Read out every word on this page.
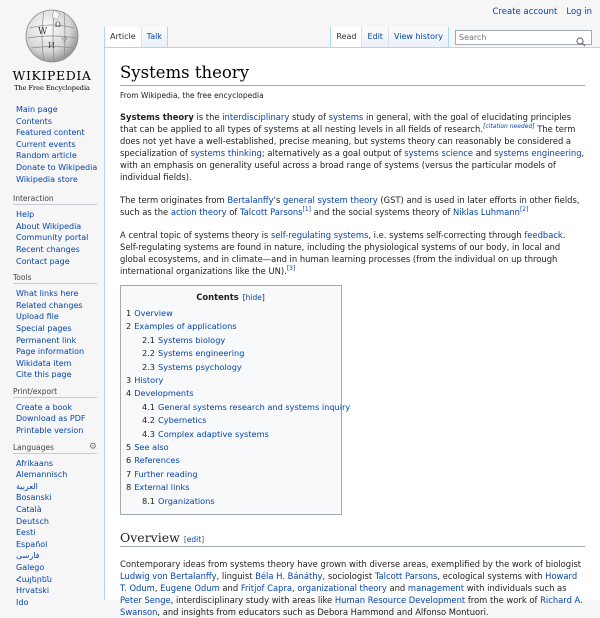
Create account Log in
W
Ω
И
ウ
WIKIPEDIA
The Free Encyclopedia
Article	Talk	Read	Edit	View history
Search
Main page
Contents
Featured content
Current events
Random article
Donate to Wikipedia
Wikipedia store
Interaction
Help
About Wikipedia
Community portal
Recent changes
Contact page
Tools
What links here
Related changes
Upload file
Special pages
Permanent link
Page information
Wikidata item
Cite this page
Print/export
Create a book
Download as PDF
Printable version
Languages	⚙
Afrikaans
Alemannisch
العربية
Bosanski
Català
Deutsch
Eesti
Español
فارسی
Galego
Հայերեն
Hrvatski
Ido
Systems theory
From Wikipedia, the free encyclopedia

Systems theory is the interdisciplinary study of systems in general, with the goal of elucidating principles that can be applied to all types of systems at all nesting levels in all fields of research.[citation needed] The term does not yet have a well-established, precise meaning, but systems theory can reasonably be considered a specialization of systems thinking; alternatively as a goal output of systems science and systems engineering, with an emphasis on generality useful across a broad range of systems (versus the particular models of individual fields).

The term originates from Bertalanffy's general system theory (GST) and is used in later efforts in other fields, such as the action theory of Talcott Parsons[1] and the social systems theory of Niklas Luhmann[2]

A central topic of systems theory is self-regulating systems, i.e. systems self-correcting through feedback. Self-regulating systems are found in nature, including the physiological systems of our body, in local and global ecosystems, and in climate—and in human learning processes (from the individual on up through international organizations like the UN).[3]

Contents [hide]
1 Overview
2 Examples of applications
2.1 Systems biology
2.2 Systems engineering
2.3 Systems psychology
3 History
4 Developments
4.1 General systems research and systems inquiry
4.2 Cybernetics
4.3 Complex adaptive systems
5 See also
6 References
7 Further reading
8 External links
8.1 Organizations
Overview [edit]

Contemporary ideas from systems theory have grown with diverse areas, exemplified by the work of biologist Ludwig von Bertalanffy, linguist Béla H. Bánáthy, sociologist Talcott Parsons, ecological systems with Howard T. Odum, Eugene Odum and Fritjof Capra, organizational theory and management with individuals such as Peter Senge, interdisciplinary study with areas like Human Resource Development from the work of Richard A. Swanson, and insights from educators such as Debora Hammond and Alfonso Montuori.
